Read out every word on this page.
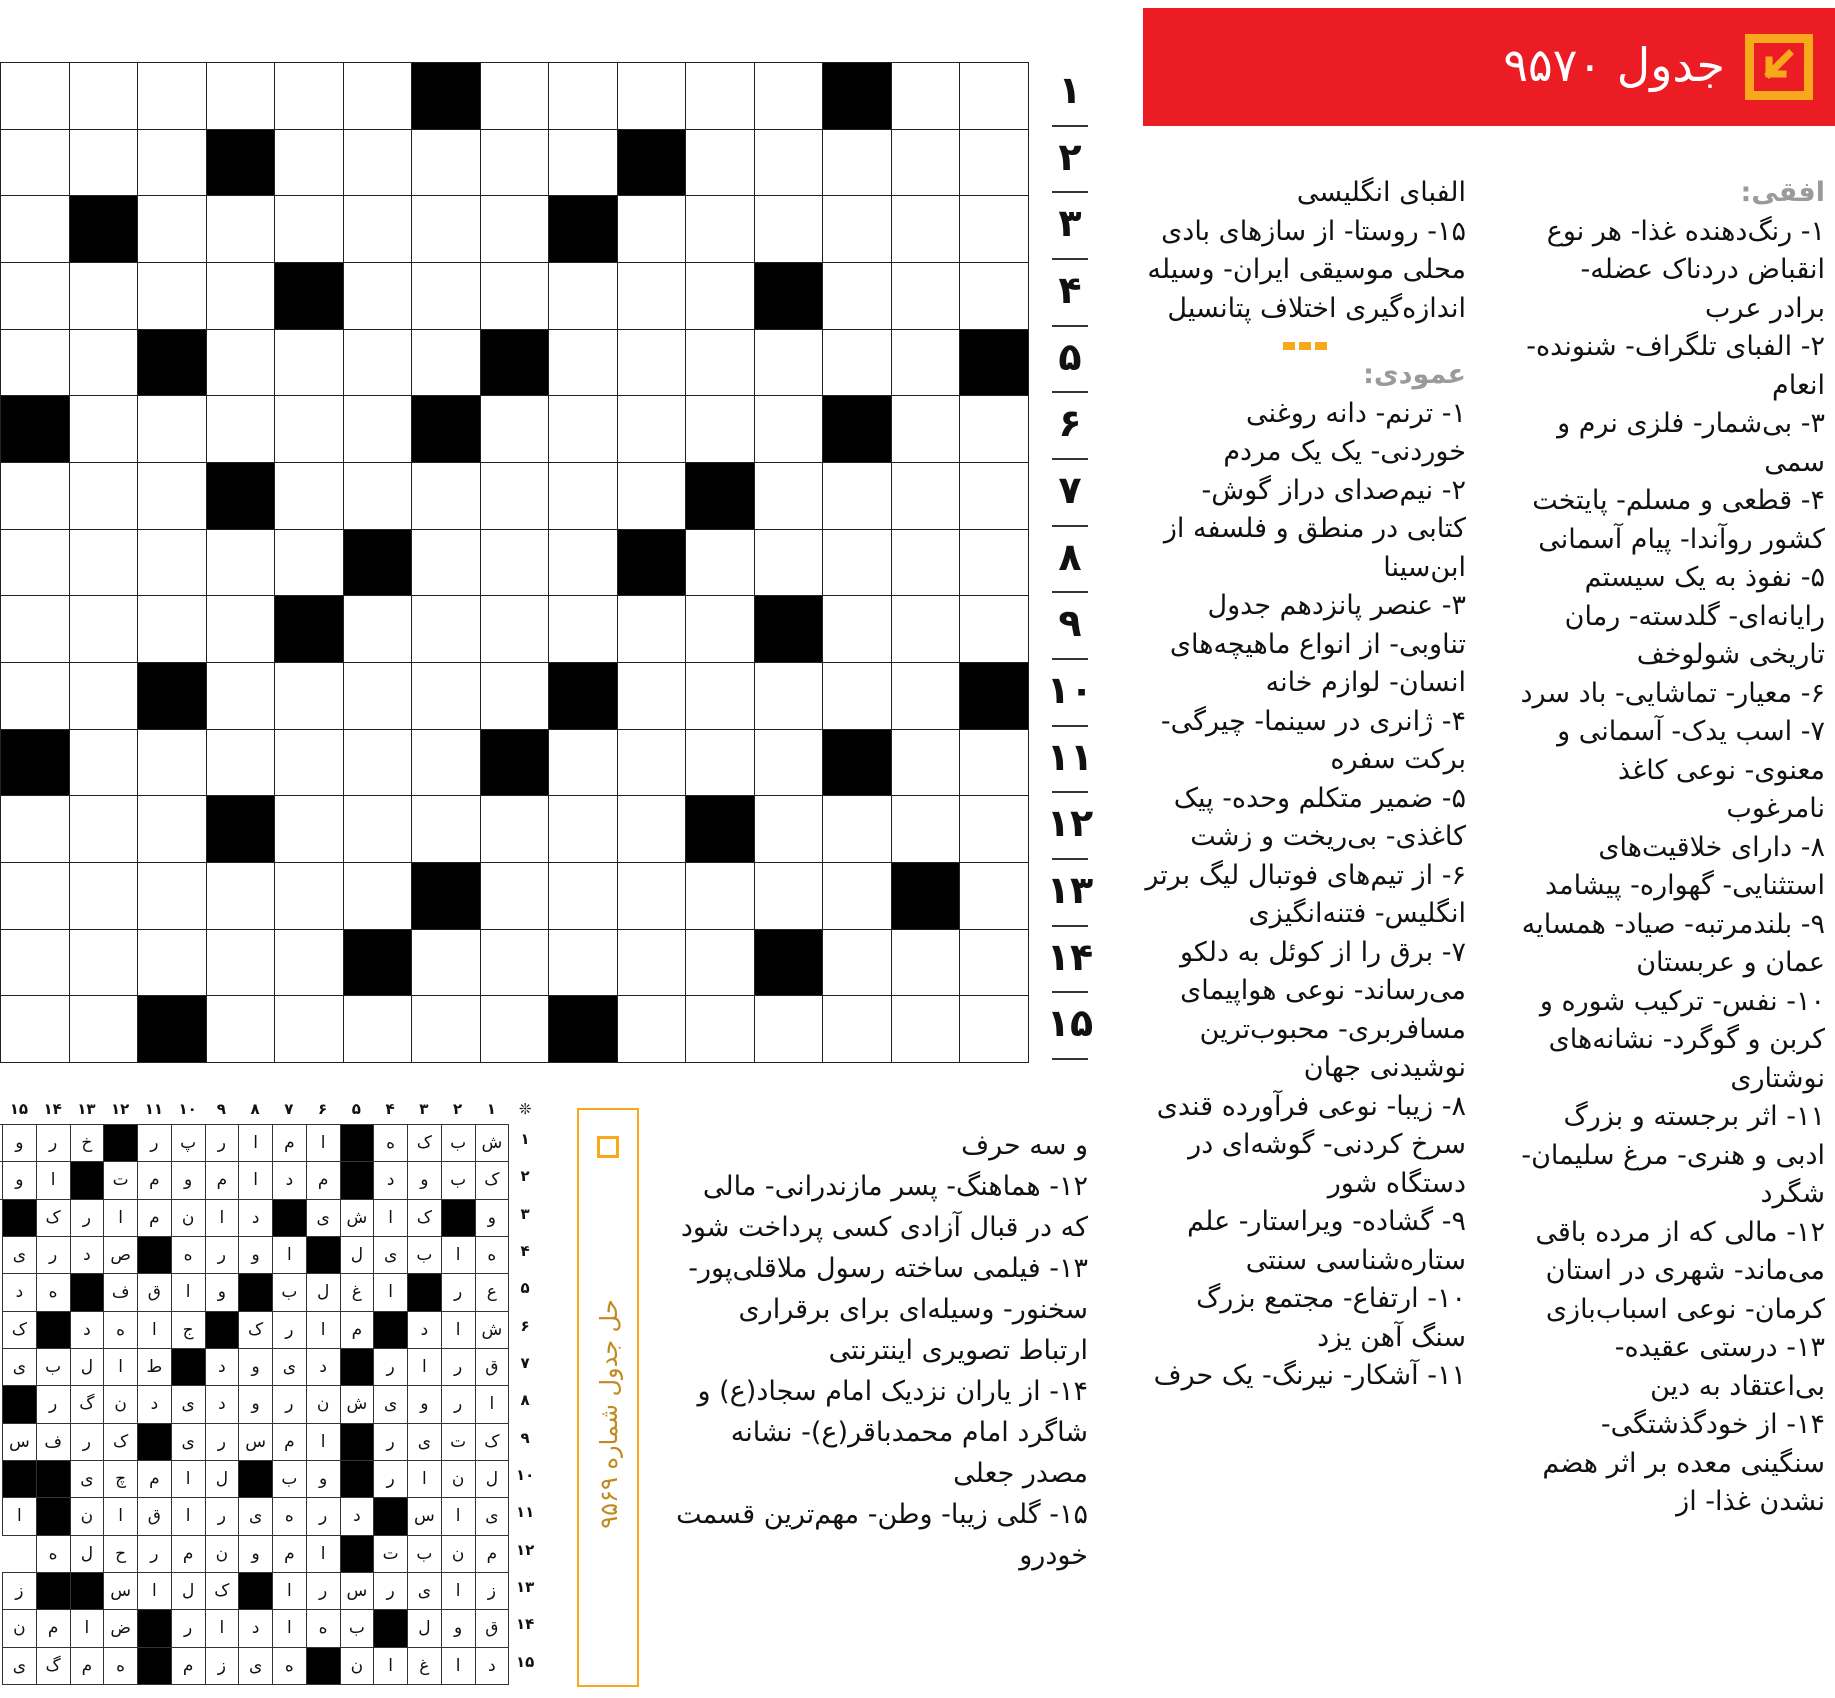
جدول ۹۵۷۰
افقی:
۱- رنگ‌دهنده غذا- هر نوع انقباض دردناک عضله- برادر عرب
۲- الفبای تلگراف- شنونده- انعام
۳- بی‌شمار- فلزی نرم و سمی
۴- قطعی و مسلم- پایتخت کشور روآندا- پیام آسمانی
۵- نفوذ به یک سیستم رایانه‌ای- گلدسته- رمان تاریخی شولوخف
۶- معیار- تماشایی- باد سرد
۷- اسب یدک- آسمانی و معنوی- نوعی کاغذ نامرغوب
۸- دارای خلاقیت‌های استثنایی- گهواره- پیشامد
۹- بلندمرتبه- صیاد- همسایه عمان و عربستان
۱۰- نفس- ترکیب شوره و کربن و گوگرد- نشانه‌های نوشتاری
۱۱- اثر برجسته و بزرگ ادبی و هنری- مرغ سلیمان- شگرد
۱۲- مالی که از مرده باقی می‌ماند- شهری در استان کرمان- نوعی اسباب‌بازی
۱۳- درستی عقیده- بی‌اعتقاد به دین
۱۴- از خودگذشتگی- سنگینی معده بر اثر هضم نشدن غذا- از
الفبای انگلیسی
۱۵- روستا- از سازهای بادی محلی موسیقی ایران- وسیله اندازه‌گیری اختلاف پتانسیل
عمودی:
۱- ترنم- دانه روغنی خوردنی- یک یک مردم
۲- نیم‌صدای دراز گوش- کتابی در منطق و فلسفه از ابن‌سینا
۳- عنصر پانزدهم جدول تناوبی- از انواع ماهیچه‌های انسان- لوازم خانه
۴- ژانری در سینما- چیرگی- برکت سفره
۵- ضمیر متکلم وحده- پیک کاغذی- بی‌ریخت و زشت
۶- از تیم‌های فوتبال لیگ برتر انگلیس- فتنه‌انگیزی
۷- برق را از کوئل به دلکو می‌رساند- نوعی هواپیمای مسافربری- محبوب‌ترین نوشیدنی جهان
۸- زیبا- نوعی فرآورده قندی سرخ کردنی- گوشه‌ای در دستگاه شور
۹- گشاده- ویراستار- علم ستاره‌شناسی سنتی
۱۰- ارتفاع- مجتمع بزرگ سنگ آهن یزد
۱۱- آشکار- نیرنگ- یک حرف
و سه حرف
۱۲- هماهنگ- پسر مازندرانی- مالی که در قبال آزادی کسی پرداخت شود
۱۳- فیلمی ساخته رسول ملاقلی‌پور- سخنور- وسیله‌ای برای برقراری ارتباط تصویری اینترنتی
۱۴- از یاران نزدیک امام سجاد(ع) و شاگرد امام محمدباقر(ع)- نشانه مصدر جعلی
۱۵- گلی زیبا- وطن- مهم‌ترین قسمت خودرو
۱
۲
۳
۴
۵
۶
۷
۸
۹
۱۰
۱۱
۱۲
۱۳
۱۴
۱۵
❊
۱
۱
۲
۲
۳
۳
۴
۴
۵
۵
۶
۶
۷
۷
۸
۸
۹
۹
۱۰
۱۰
۱۱
۱۱
۱۲
۱۲
۱۳
۱۳
۱۴
۱۴
۱۵
۱۵
ش
ب
ک
ه
ا
م
ا
ر
پ
ر
خ
ر
و
ک
ب
و
د
م
د
ا
م
و
م
ت
ا
و
و
ک
ا
ش
ی
د
ا
ن
م
ا
ر
ک
ه
ا
ب
ی
ل
ا
و
ر
ه
ص
د
ر
ی
ع
ر
ا
غ
ل
ب
و
ا
ق
ف
ه
د
ش
ا
د
م
ا
ر
ک
ج
ا
ه
د
ک
ق
ر
ا
ر
د
ی
و
د
ط
ا
ل
ب
ی
ا
ر
و
ی
ش
ن
ر
و
د
ی
د
ن
گ
ر
ک
ت
ی
ر
ا
م
س
ر
ی
ک
ر
ف
س
ل
ن
ا
ر
و
ب
ل
ا
م
چ
ی
ی
ا
س
د
ر
ه
ی
ر
ا
ق
ا
ن
ا
م
ن
ب
ت
ا
م
و
ن
م
ر
ح
ل
ه
ز
ا
ی
ر
س
ر
ا
ک
ل
ا
س
ز
ق
و
ل
ب
ه
ا
د
ا
ر
ض
ا
م
ن
د
ا
غ
ا
ن
ه
ی
ز
م
ه
م
گ
ی
حل جدول شماره ۹۵۶۹
